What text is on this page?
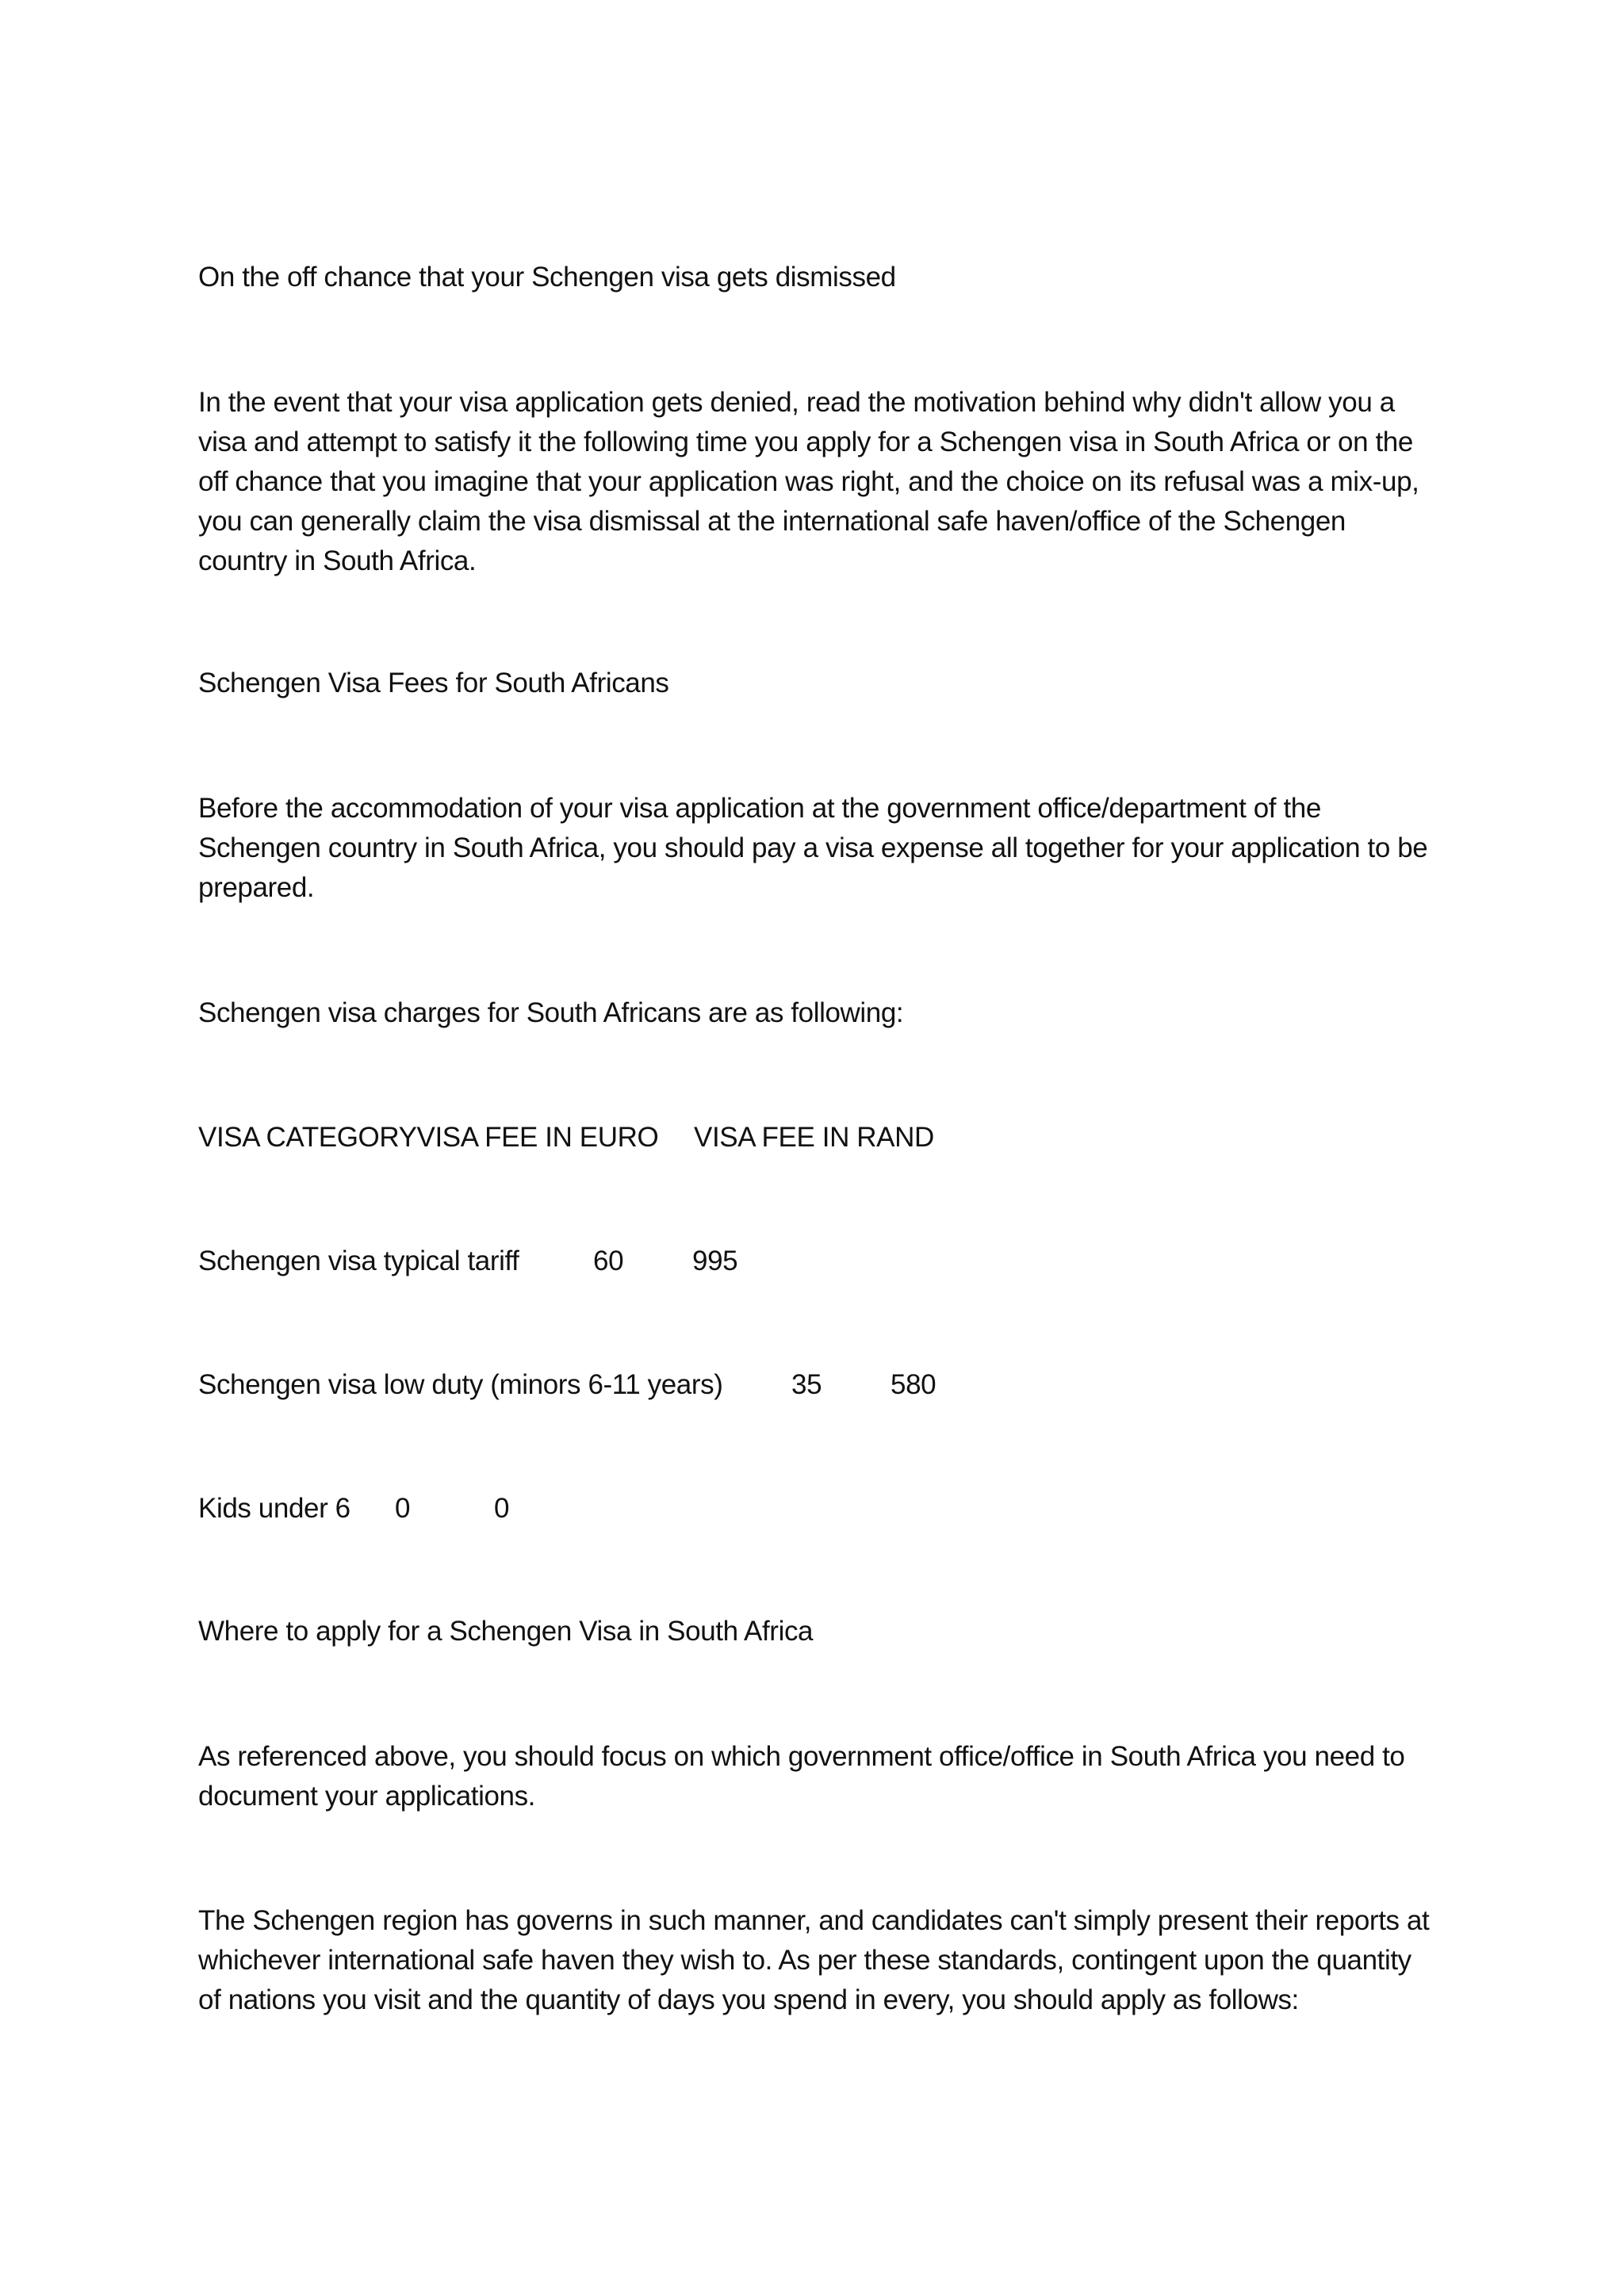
On the off chance that your Schengen visa gets dismissed
In the event that your visa application gets denied, read the motivation behind why didn't allow you a visa and attempt to satisfy it the following time you apply for a Schengen visa in South Africa or on the off chance that you imagine that your application was right, and the choice on its refusal was a mix-up, you can generally claim the visa dismissal at the international safe haven/office of the Schengen country in South Africa.
Schengen Visa Fees for South Africans
Before the accommodation of your visa application at the government office/department of the Schengen country in South Africa, you should pay a visa expense all together for your application to be prepared.
Schengen visa charges for South Africans are as following:
VISA CATEGORYVISA FEE IN EURO VISA FEE IN RAND
Schengen visa typical tariff	60 995
Schengen visa low duty (minors 6-11 years) 35 580
Kids under 6 0	0
Where to apply for a Schengen Visa in South Africa
As referenced above, you should focus on which government office/office in South Africa you need to document your applications.
The Schengen region has governs in such manner, and candidates can't simply present their reports at whichever international safe haven they wish to. As per these standards, contingent upon the quantity of nations you visit and the quantity of days you spend in every, you should apply as follows:
